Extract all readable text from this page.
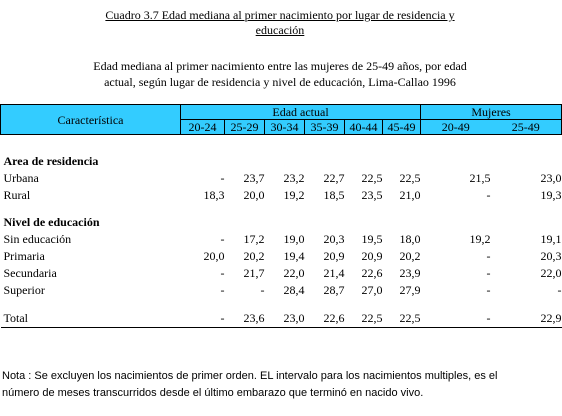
Cuadro 3.7 Edad mediana al primer nacimiento por lugar de residencia y
educación
Edad mediana al primer nacimiento entre las mujeres de 25-49 años, por edad
actual, según lugar de residencia y nivel de educación, Lima-Callao 1996
Característica	Edad actual						Mujeres	
	20-24	25-29	30-34	35-39	40-44	45-49	20-49	25-49

Area de residencia								
Urbana	-	23,7	23,2	22,7	22,5	22,5	21,5	23,0
Rural	18,3	20,0	19,2	18,5	23,5	21,0	-	19,3

Nivel de educación								
Sin educación	-	17,2	19,0	20,3	19,5	18,0	19,2	19,1
Primaria	20,0	20,2	19,4	20,9	20,9	20,2	-	20,3
Secundaria	-	21,7	22,0	21,4	22,6	23,9	-	22,0
Superior	-	-	28,4	28,7	27,0	27,9	-	-

Total	-	23,6	23,0	22,6	22,5	22,5	-	22,9
Nota : Se excluyen los nacimientos de primer orden. EL intervalo para los nacimientos multiples, es el
número de meses transcurridos desde el último embarazo que terminó en nacido vivo.
